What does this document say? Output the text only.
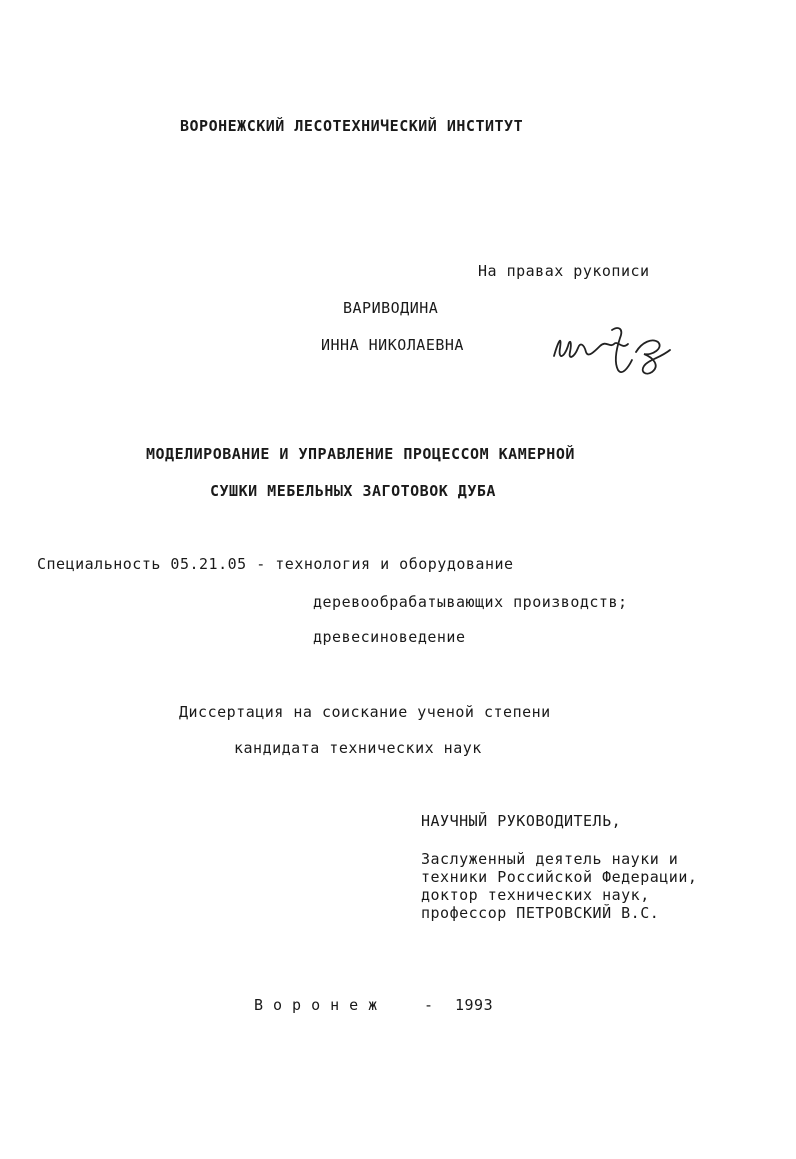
ВОРОНЕЖСКИЙ ЛЕСОТЕХНИЧЕСКИЙ ИНСТИТУТ
На правах рукописи
ВАРИВОДИНА
ИННА НИКОЛАЕВНА
МОДЕЛИРОВАНИЕ И УПРАВЛЕНИЕ ПРОЦЕССОМ КАМЕРНОЙ
СУШКИ МЕБЕЛЬНЫХ ЗАГОТОВОК ДУБА
Специальность 05.21.05 - технология и оборудование
деревообрабатывающих производств;
древесиноведение
Диссертация на соискание ученой степени
кандидата технических наук
НАУЧНЫЙ РУКОВОДИТЕЛЬ,
Заслуженный деятель науки и
техники Российской Федерации,
доктор технических наук,
профессор ПЕТРОВСКИЙ В.С.
Воронеж - 1993
